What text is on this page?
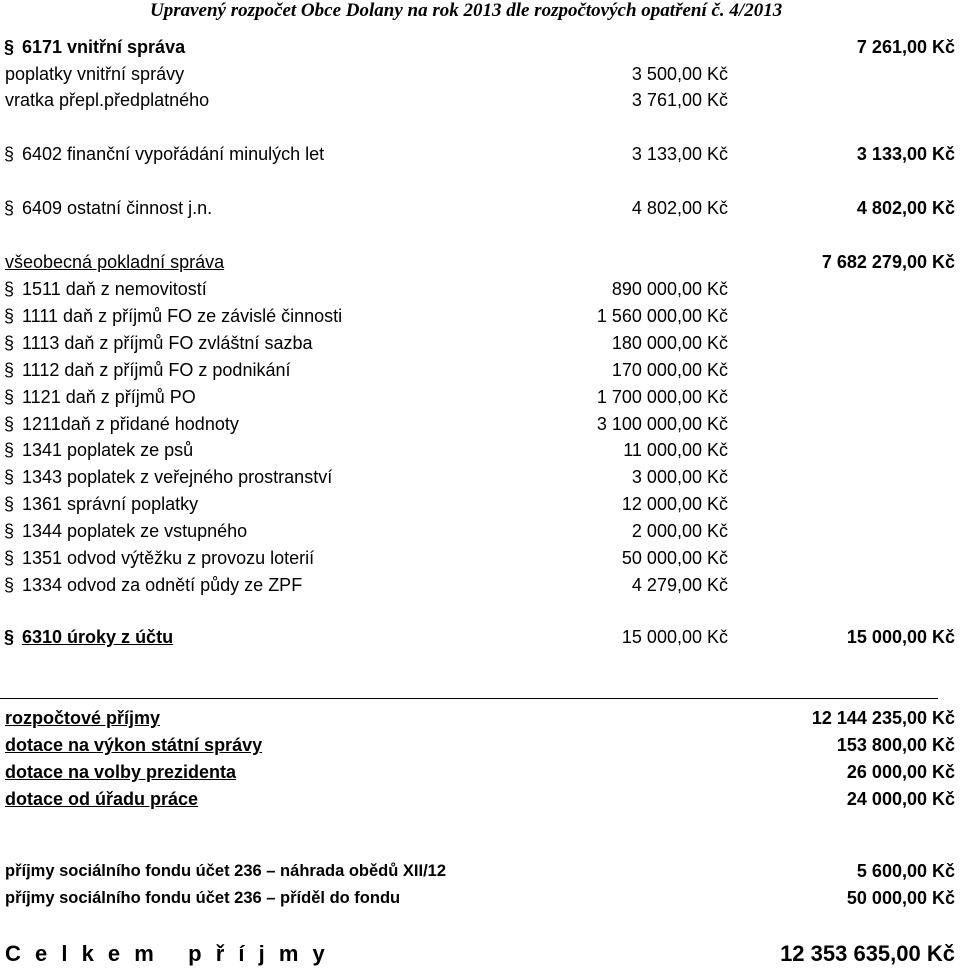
Upravený rozpočet Obce Dolany na rok 2013 dle rozpočtových opatření č. 4/2013
§ 6171 vnitřní správa	7 261,00 Kč
poplatky vnitřní správy	3 500,00 Kč
vratka přepl.předplatného	3 761,00 Kč
§ 6402 finanční vypořádání minulých let	3 133,00 Kč	3 133,00 Kč
§ 6409 ostatní činnost j.n.	4 802,00 Kč	4 802,00 Kč
všeobecná pokladní správa	7 682 279,00 Kč
§ 1511 daň z nemovitostí	890 000,00 Kč
§ 1111 daň z příjmů FO ze závislé činnosti	1 560 000,00 Kč
§ 1113 daň z příjmů FO zvláštní sazba	180 000,00 Kč
§ 1112 daň z příjmů FO z podnikání	170 000,00 Kč
§ 1121 daň z příjmů PO	1 700 000,00 Kč
§ 1211daň z přidané hodnoty	3 100 000,00 Kč
§ 1341 poplatek ze psů	11 000,00 Kč
§ 1343 poplatek z veřejného prostranství	3 000,00 Kč
§ 1361 správní poplatky	12 000,00 Kč
§ 1344 poplatek ze vstupného	2 000,00 Kč
§ 1351 odvod výtěžku z provozu loterií	50 000,00 Kč
§ 1334 odvod za odnětí půdy ze ZPF	4 279,00 Kč
§ 6310 úroky z účtu	15 000,00 Kč	15 000,00 Kč
rozpočtové příjmy	12 144 235,00 Kč
dotace na výkon státní správy	153 800,00 Kč
dotace na volby prezidenta	26 000,00 Kč
dotace od úřadu práce	24 000,00 Kč
příjmy sociálního fondu účet 236 – náhrada obědů XII/12	5 600,00 Kč
příjmy sociálního fondu účet 236 – příděl do fondu	50 000,00 Kč
C e l k e m   p ř í j m y	12 353 635,00 Kč
